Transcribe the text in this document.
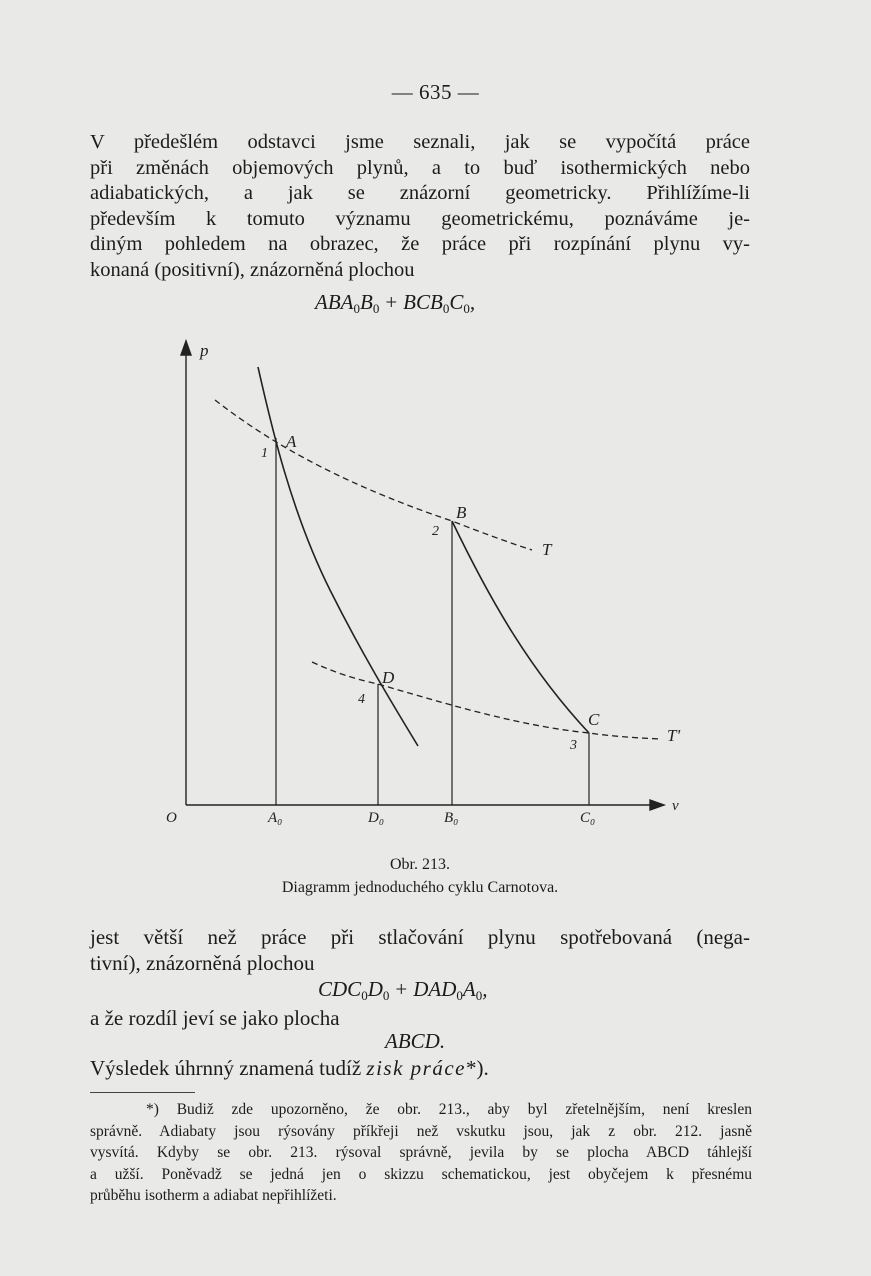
— 635 —
V předešlém odstavci jsme seznali, jak se vypočítá práce
při změnách objemových plynů, a to buď isothermických nebo
adiabatických, a jak se znázorní geometricky. Přihlížíme-li
především k tomuto významu geometrickému, poznáváme je-
diným pohledem na obrazec, že práce při rozpínání plynu vy-
konaná (positivní), znázorněná plochou
$ABA_0B_0 + BCB_0C_0$,
p
v
O
A
1
B
2
C
3
D
4
T
T'
A₀	D₀	B₀	C₀
Obr. 213.
Diagramm jednoduchého cyklu Carnotova.
jest větší než práce při stlačování plynu spotřebovaná (nega-
tivní), znázorněná plochou
$CDC_0D_0 + DAD_0A_0$,
a že rozdíl jeví se jako plocha
ABCD.
Výsledek úhrnný znamená tudíž zisk práce*).
*) Budiž zde upozorněno, že obr. 213., aby byl zřetelnějším, není kreslen
správně. Adiabaty jsou rýsovány příkřeji než vskutku jsou, jak z obr. 212. jasně
vysvítá. Kdyby se obr. 213. rýsoval správně, jevila by se plocha ABCD táhlejší
a užší. Poněvadž se jedná jen o skizzu schematickou, jest obyčejem k přesnému
průběhu isotherm a adiabat nepřihlížeti.
